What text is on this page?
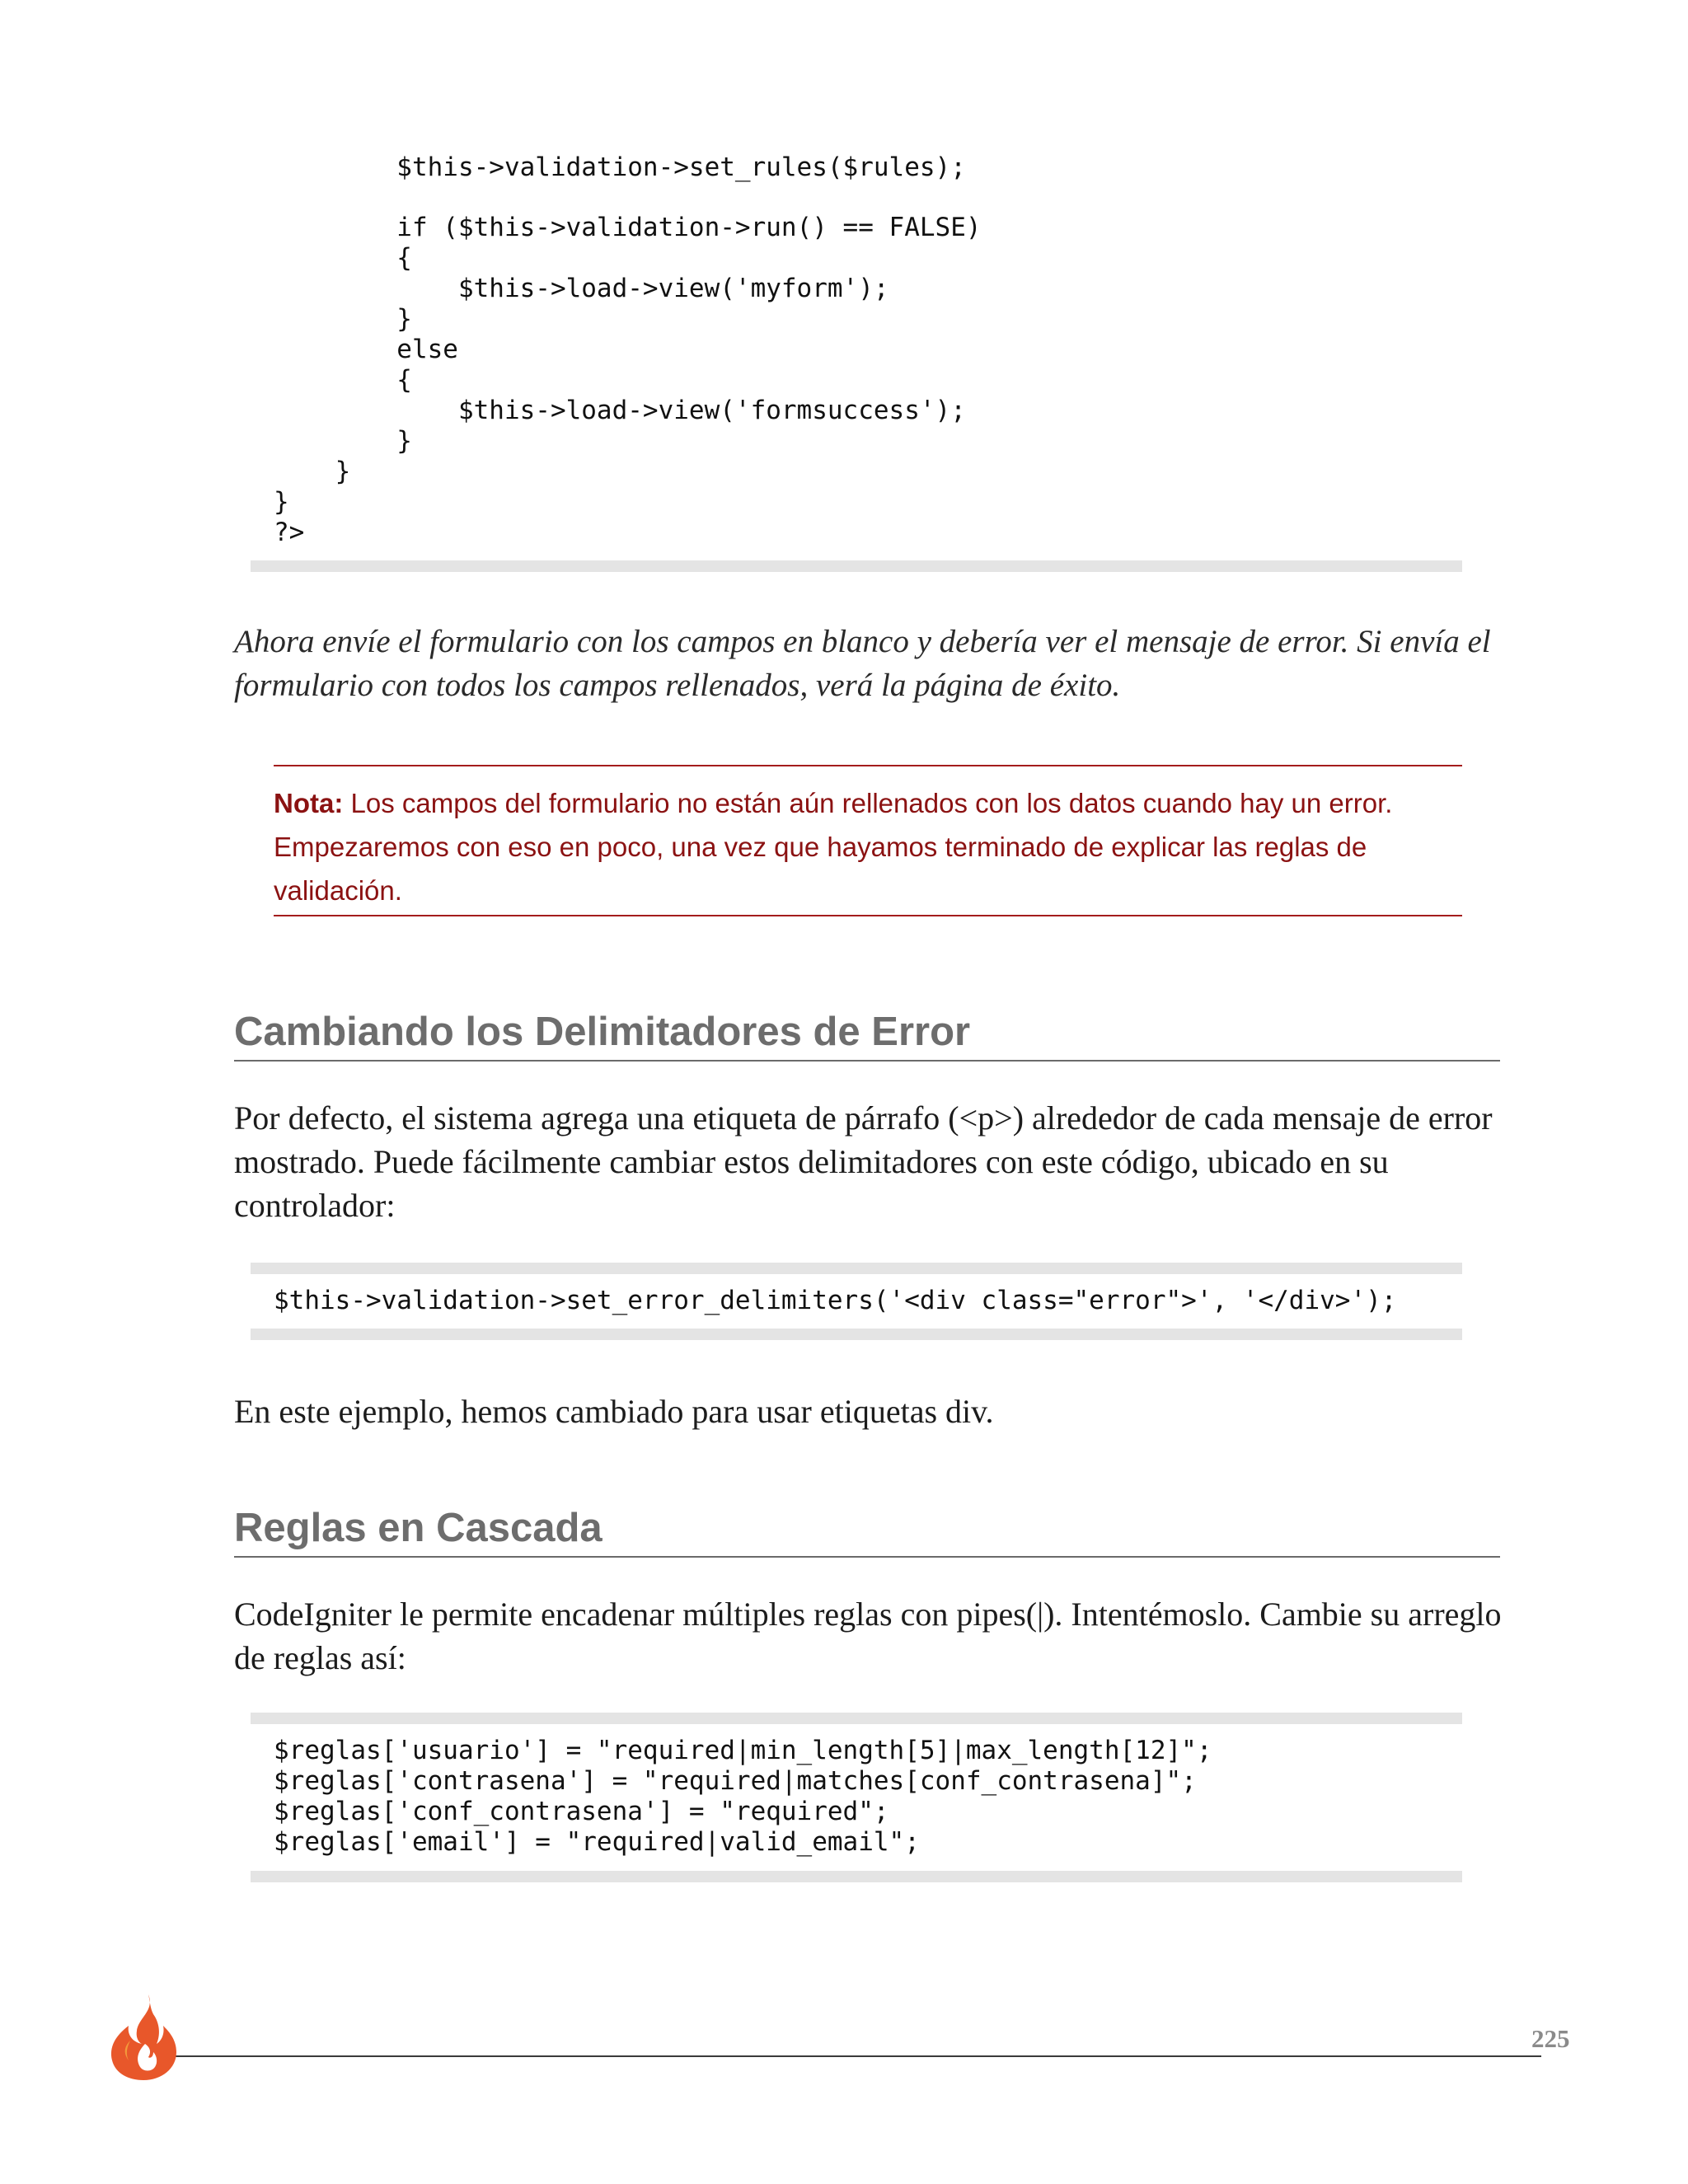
$this->validation->set_rules($rules);
if ($this->validation->run() == FALSE)
{
$this->load->view('myform');
}
else
{
$this->load->view('formsuccess');
}
}
}
?>

Ahora envíe el formulario con los campos en blanco y debería ver el mensaje de error. Si envía el formulario con todos los campos rellenados, verá la página de éxito.

Nota: Los campos del formulario no están aún rellenados con los datos cuando hay un error. Empezaremos con eso en poco, una vez que hayamos terminado de explicar las reglas de validación.

Cambiando los Delimitadores de Error

Por defecto, el sistema agrega una etiqueta de párrafo (<p>) alrededor de cada mensaje de error mostrado. Puede fácilmente cambiar estos delimitadores con este código, ubicado en su controlador:

$this->validation->set_error_delimiters('<div class="error">', '</div>');

En este ejemplo, hemos cambiado para usar etiquetas div.

Reglas en Cascada

CodeIgniter le permite encadenar múltiples reglas con pipes(|). Intentémoslo. Cambie su arreglo de reglas así:

$reglas['usuario'] = "required|min_length[5]|max_length[12]";
$reglas['contrasena'] = "required|matches[conf_contrasena]";
$reglas['conf_contrasena'] = "required";
$reglas['email'] = "required|valid_email";
225
